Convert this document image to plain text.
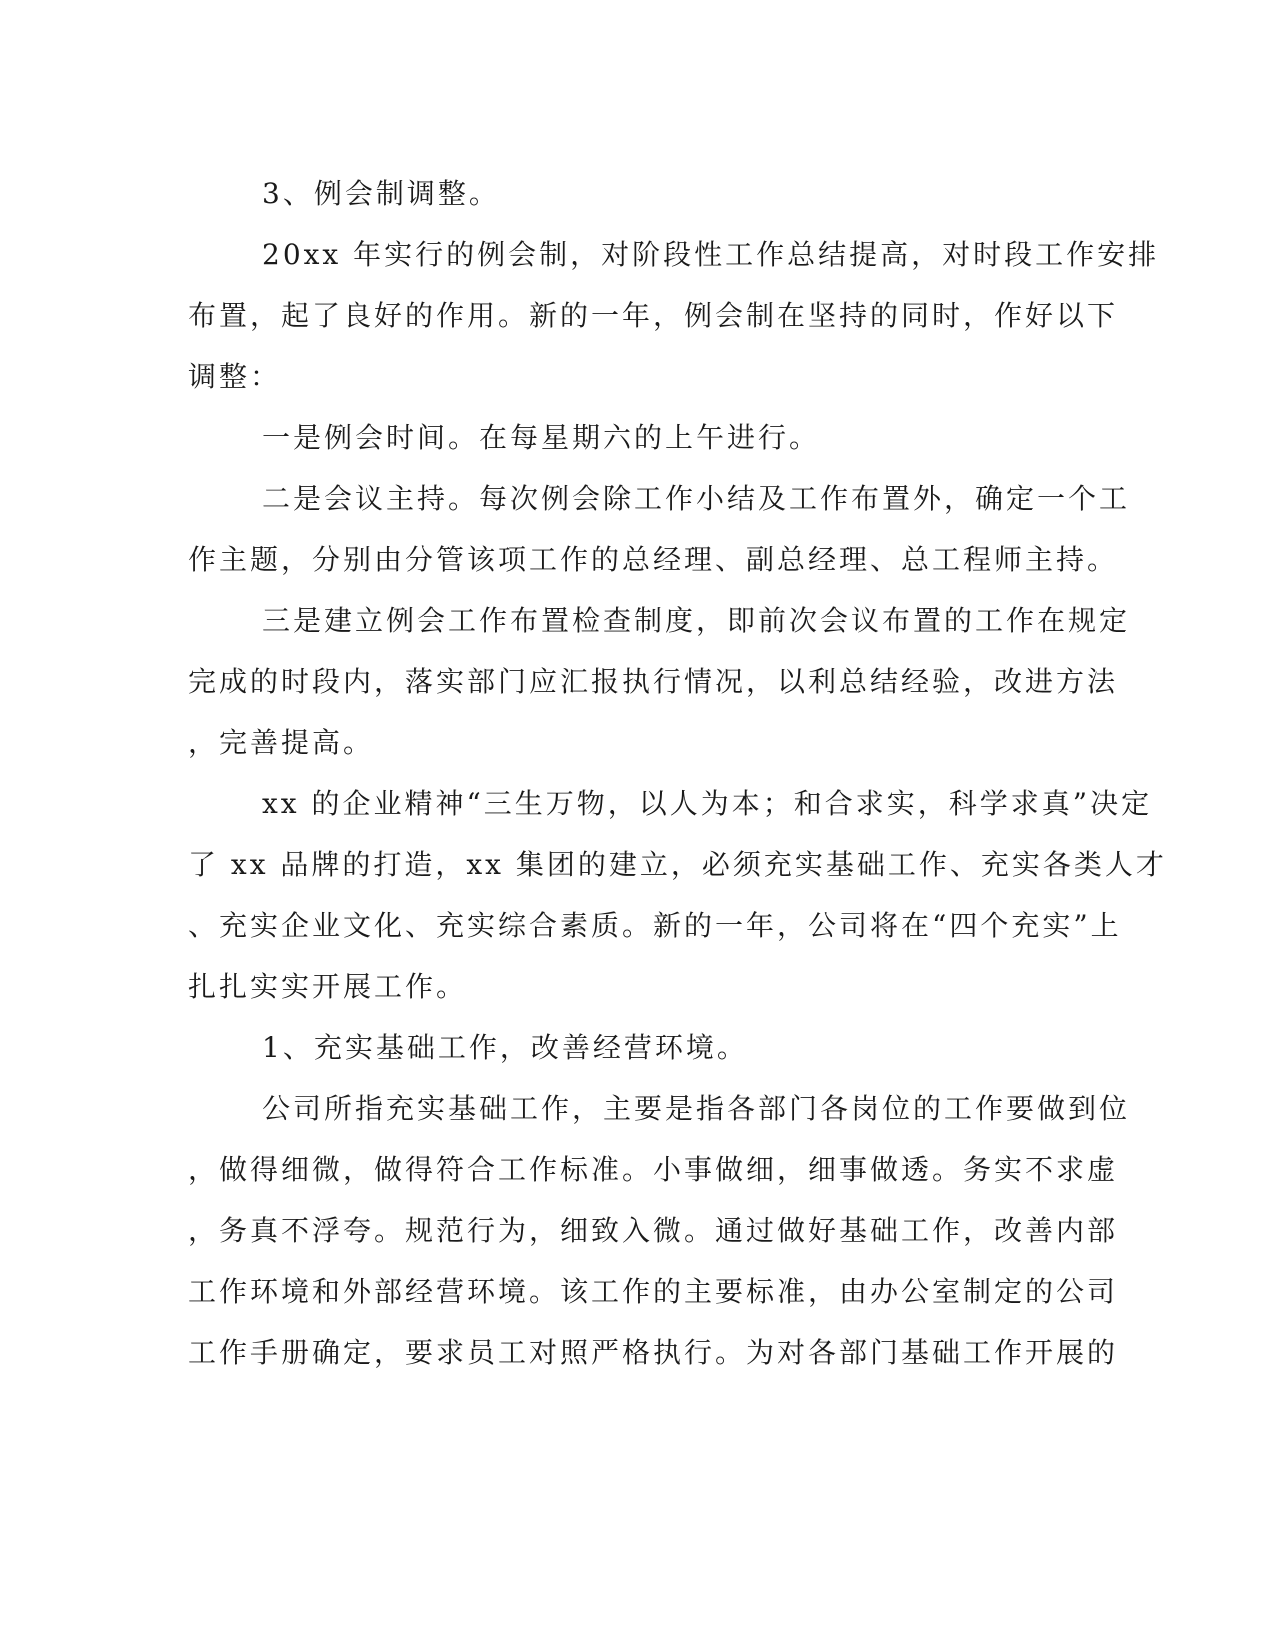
3、例会制调整。
20xx 年实行的例会制，对阶段性工作总结提高，对时段工作安排
布置，起了良好的作用。新的一年，例会制在坚持的同时，作好以下
调整：
一是例会时间。在每星期六的上午进行。
二是会议主持。每次例会除工作小结及工作布置外，确定一个工
作主题，分别由分管该项工作的总经理、副总经理、总工程师主持。
三是建立例会工作布置检查制度，即前次会议布置的工作在规定
完成的时段内，落实部门应汇报执行情况，以利总结经验，改进方法
，完善提高。
xx 的企业精神“三生万物，以人为本；和合求实，科学求真”决定
了 xx 品牌的打造，xx 集团的建立，必须充实基础工作、充实各类人才
、充实企业文化、充实综合素质。新的一年，公司将在“四个充实”上
扎扎实实开展工作。
1、充实基础工作，改善经营环境。
公司所指充实基础工作，主要是指各部门各岗位的工作要做到位
，做得细微，做得符合工作标准。小事做细，细事做透。务实不求虚
，务真不浮夸。规范行为，细致入微。通过做好基础工作，改善内部
工作环境和外部经营环境。该工作的主要标准，由办公室制定的公司
工作手册确定，要求员工对照严格执行。为对各部门基础工作开展的
